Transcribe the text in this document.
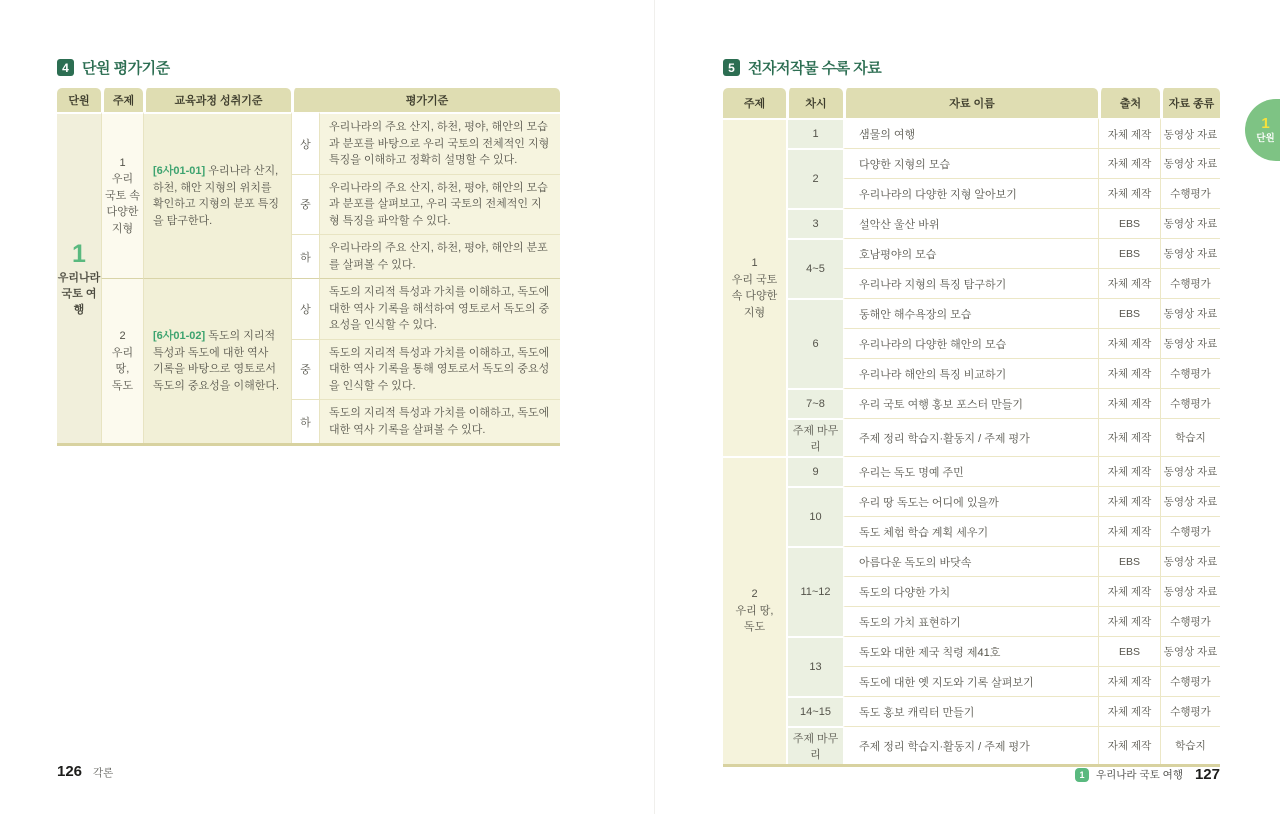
4 단원 평가기준
단원	주제	교육과정 성취기준	평가기준	

1
우리나라
국토 여행
	1
우리
국토 속
다양한
지형	[6사01-01] 우리나라 산지, 하천, 해안 지형의 위치를 확인하고 지형의 분포 특징을 탐구한다.	상	우리나라의 주요 산지, 하천, 평야, 해안의 모습과 분포를 바탕으로 우리 국토의 전체적인 지형 특징을 이해하고 정확히 설명할 수 있다.
			중	우리나라의 주요 산지, 하천, 평야, 해안의 모습과 분포를 살펴보고, 우리 국토의 전체적인 지형 특징을 파악할 수 있다.
			하	우리나라의 주요 산지, 하천, 평야, 해안의 분포를 살펴볼 수 있다.
	2
우리 땅,
독도	[6사01-02] 독도의 지리적 특성과 독도에 대한 역사 기록을 바탕으로 영토로서 독도의 중요성을 이해한다.	상	독도의 지리적 특성과 가치를 이해하고, 독도에 대한 역사 기록을 해석하여 영토로서 독도의 중요성을 인식할 수 있다.
			중	독도의 지리적 특성과 가치를 이해하고, 독도에 대한 역사 기록을 통해 영토로서 독도의 중요성을 인식할 수 있다.
			하	독도의 지리적 특성과 가치를 이해하고, 독도에 대한 역사 기록을 살펴볼 수 있다.
5 전자저작물 수록 자료
주제	차시	자료 이름	출처	자료 종류
1
우리 국토
속 다양한
지형	1	샘물의 여행	자체 제작	동영상 자료
	2	다양한 지형의 모습	자체 제작	동영상 자료
		우리나라의 다양한 지형 알아보기	자체 제작	수행평가
	3	설악산 울산 바위	EBS	동영상 자료
	4~5	호남평야의 모습	EBS	동영상 자료
		우리나라 지형의 특징 탐구하기	자체 제작	수행평가
	6	동해안 해수욕장의 모습	EBS	동영상 자료
		우리나라의 다양한 해안의 모습	자체 제작	동영상 자료
		우리나라 해안의 특징 비교하기	자체 제작	수행평가
	7~8	우리 국토 여행 홍보 포스터 만들기	자체 제작	수행평가
	주제 마무리	주제 정리 학습지·활동지 / 주제 평가	자체 제작	학습지
2
우리 땅,
독도	9	우리는 독도 명예 주민	자체 제작	동영상 자료
	10	우리 땅 독도는 어디에 있을까	자체 제작	동영상 자료
		독도 체험 학습 계획 세우기	자체 제작	수행평가
	11~12	아름다운 독도의 바닷속	EBS	동영상 자료
		독도의 다양한 가치	자체 제작	동영상 자료
		독도의 가치 표현하기	자체 제작	수행평가
	13	독도와 대한 제국 칙령 제41호	EBS	동영상 자료
		독도에 대한 옛 지도와 기록 살펴보기	자체 제작	수행평가
	14~15	독도 홍보 캐릭터 만들기	자체 제작	수행평가
	주제 마무리	주제 정리 학습지·활동지 / 주제 평가	자체 제작	학습지
1
단원
126 각론	1	우리나라 국토 여행 127
